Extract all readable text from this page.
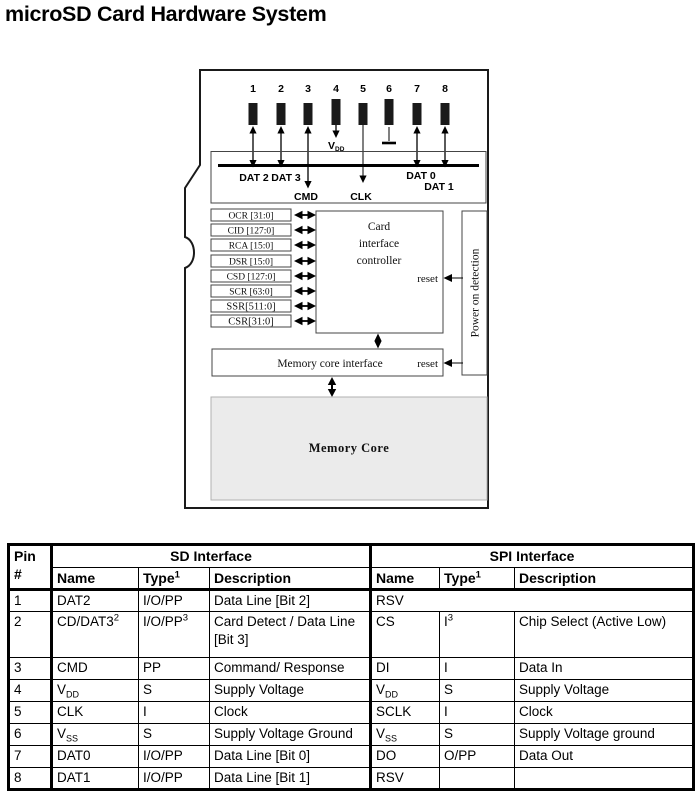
microSD Card Hardware System
1 2 3 4 5 6 7 8
DAT 2 DAT 3	DAT 0
DAT 1
CMD	CLK
VDD
OCR [31:0]
CID [127:0]
RCA [15:0]
DSR [15:0]
CSD [127:0]
SCR [63:0]
SSR[511:0]
CSR[31:0]
Card
interface
controller	Power on detection
reset
Memory core interface	reset
Memory Core
Pin #	SD Interface			SPI Interface		
	Name	Type$^1$	Description	Name	Type$^1$	Description
1	DAT2	I/O/PP	Data Line [Bit 2]	RSV		
2	$CD/DAT3^2$	$I/O/PP^3$	Card Detect / Data Line [Bit 3]	CS	$I^3$	Chip Select (Active Low)
3	CMD	PP	Command/ Response	DI	I	Data In
4	$V_{DD}$	S	Supply Voltage	$V_{DD}$	S	Supply Voltage
5	CLK	I	Clock	SCLK	I	Clock
6	$V_{SS}$	S	Supply Voltage Ground	$V_{SS}$	S	Supply Voltage ground
7	DAT0	I/O/PP	Data Line [Bit 0]	DO	O/PP	Data Out
8	DAT1	I/O/PP	Data Line [Bit 1]	RSV		
